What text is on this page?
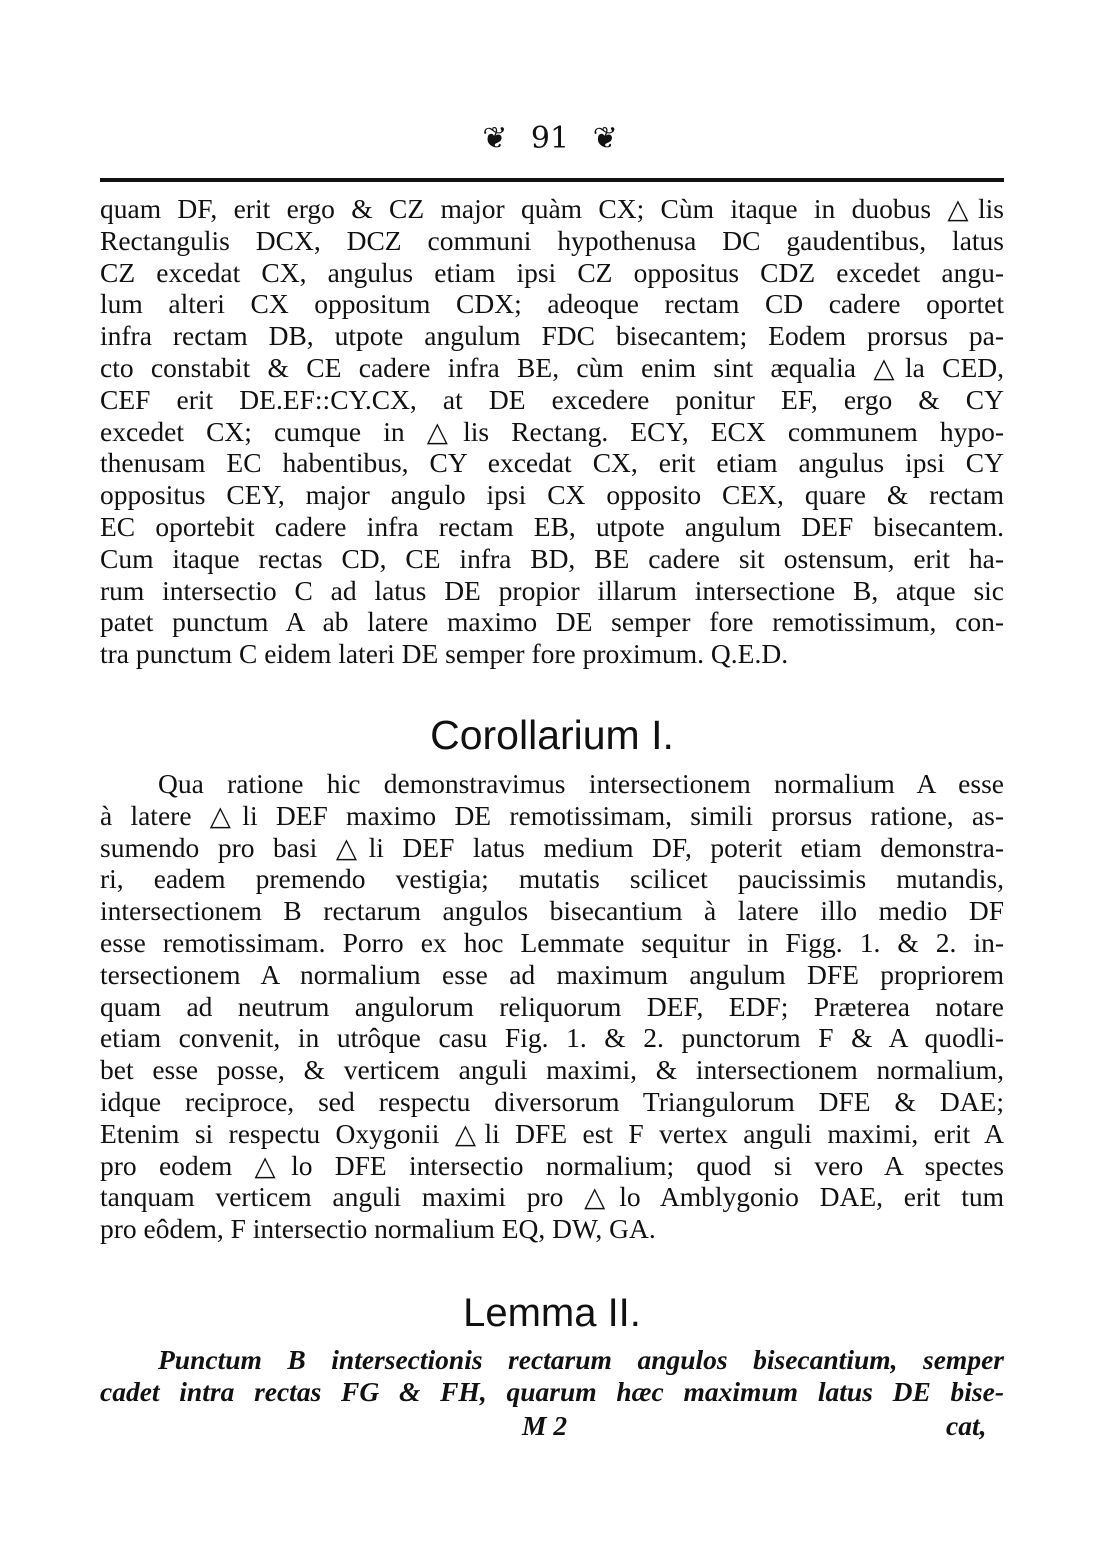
❦ 91 ❦
quam DF, erit ergo & CZ major quàm CX; Cùm itaque in duobus △lis
Rectangulis DCX, DCZ communi hypothenusa DC gaudentibus, latus
CZ excedat CX, angulus etiam ipsi CZ oppositus CDZ excedet angu-
lum alteri CX oppositum CDX; adeoque rectam CD cadere oportet
infra rectam DB, utpote angulum FDC bisecantem; Eodem prorsus pa-
cto constabit & CE cadere infra BE, cùm enim sint æqualia △la CED,
CEF erit DE.EF::CY.CX, at DE excedere ponitur EF, ergo & CY
excedet CX; cumque in △lis Rectang. ECY, ECX communem hypo-
thenusam EC habentibus, CY excedat CX, erit etiam angulus ipsi CY
oppositus CEY, major angulo ipsi CX opposito CEX, quare & rectam
EC oportebit cadere infra rectam EB, utpote angulum DEF bisecantem.
Cum itaque rectas CD, CE infra BD, BE cadere sit ostensum, erit ha-
rum intersectio C ad latus DE propior illarum intersectione B, atque sic
patet punctum A ab latere maximo DE semper fore remotissimum, con-
tra punctum C eidem lateri DE semper fore proximum. Q.E.D.
Corollarium I.
Qua ratione hic demonstravimus intersectionem normalium A esse
à latere △li DEF maximo DE remotissimam, simili prorsus ratione, as-
sumendo pro basi △li DEF latus medium DF, poterit etiam demonstra-
ri, eadem premendo vestigia; mutatis scilicet paucissimis mutandis,
intersectionem B rectarum angulos bisecantium à latere illo medio DF
esse remotissimam. Porro ex hoc Lemmate sequitur in Figg. 1. & 2. in-
tersectionem A normalium esse ad maximum angulum DFE propriorem
quam ad neutrum angulorum reliquorum DEF, EDF; Præterea notare
etiam convenit, in utrôque casu Fig. 1. & 2. punctorum F & A quodli-
bet esse posse, & verticem anguli maximi, & intersectionem normalium,
idque reciproce, sed respectu diversorum Triangulorum DFE & DAE;
Etenim si respectu Oxygonii △li DFE est F vertex anguli maximi, erit A
pro eodem △lo DFE intersectio normalium; quod si vero A spectes
tanquam verticem anguli maximi pro △lo Amblygonio DAE, erit tum
pro eôdem, F intersectio normalium EQ, DW, GA.
Lemma II.
Punctum B intersectionis rectarum angulos bisecantium, semper
cadet intra rectas FG & FH, quarum hæc maximum latus DE bise-
M 2	cat,
